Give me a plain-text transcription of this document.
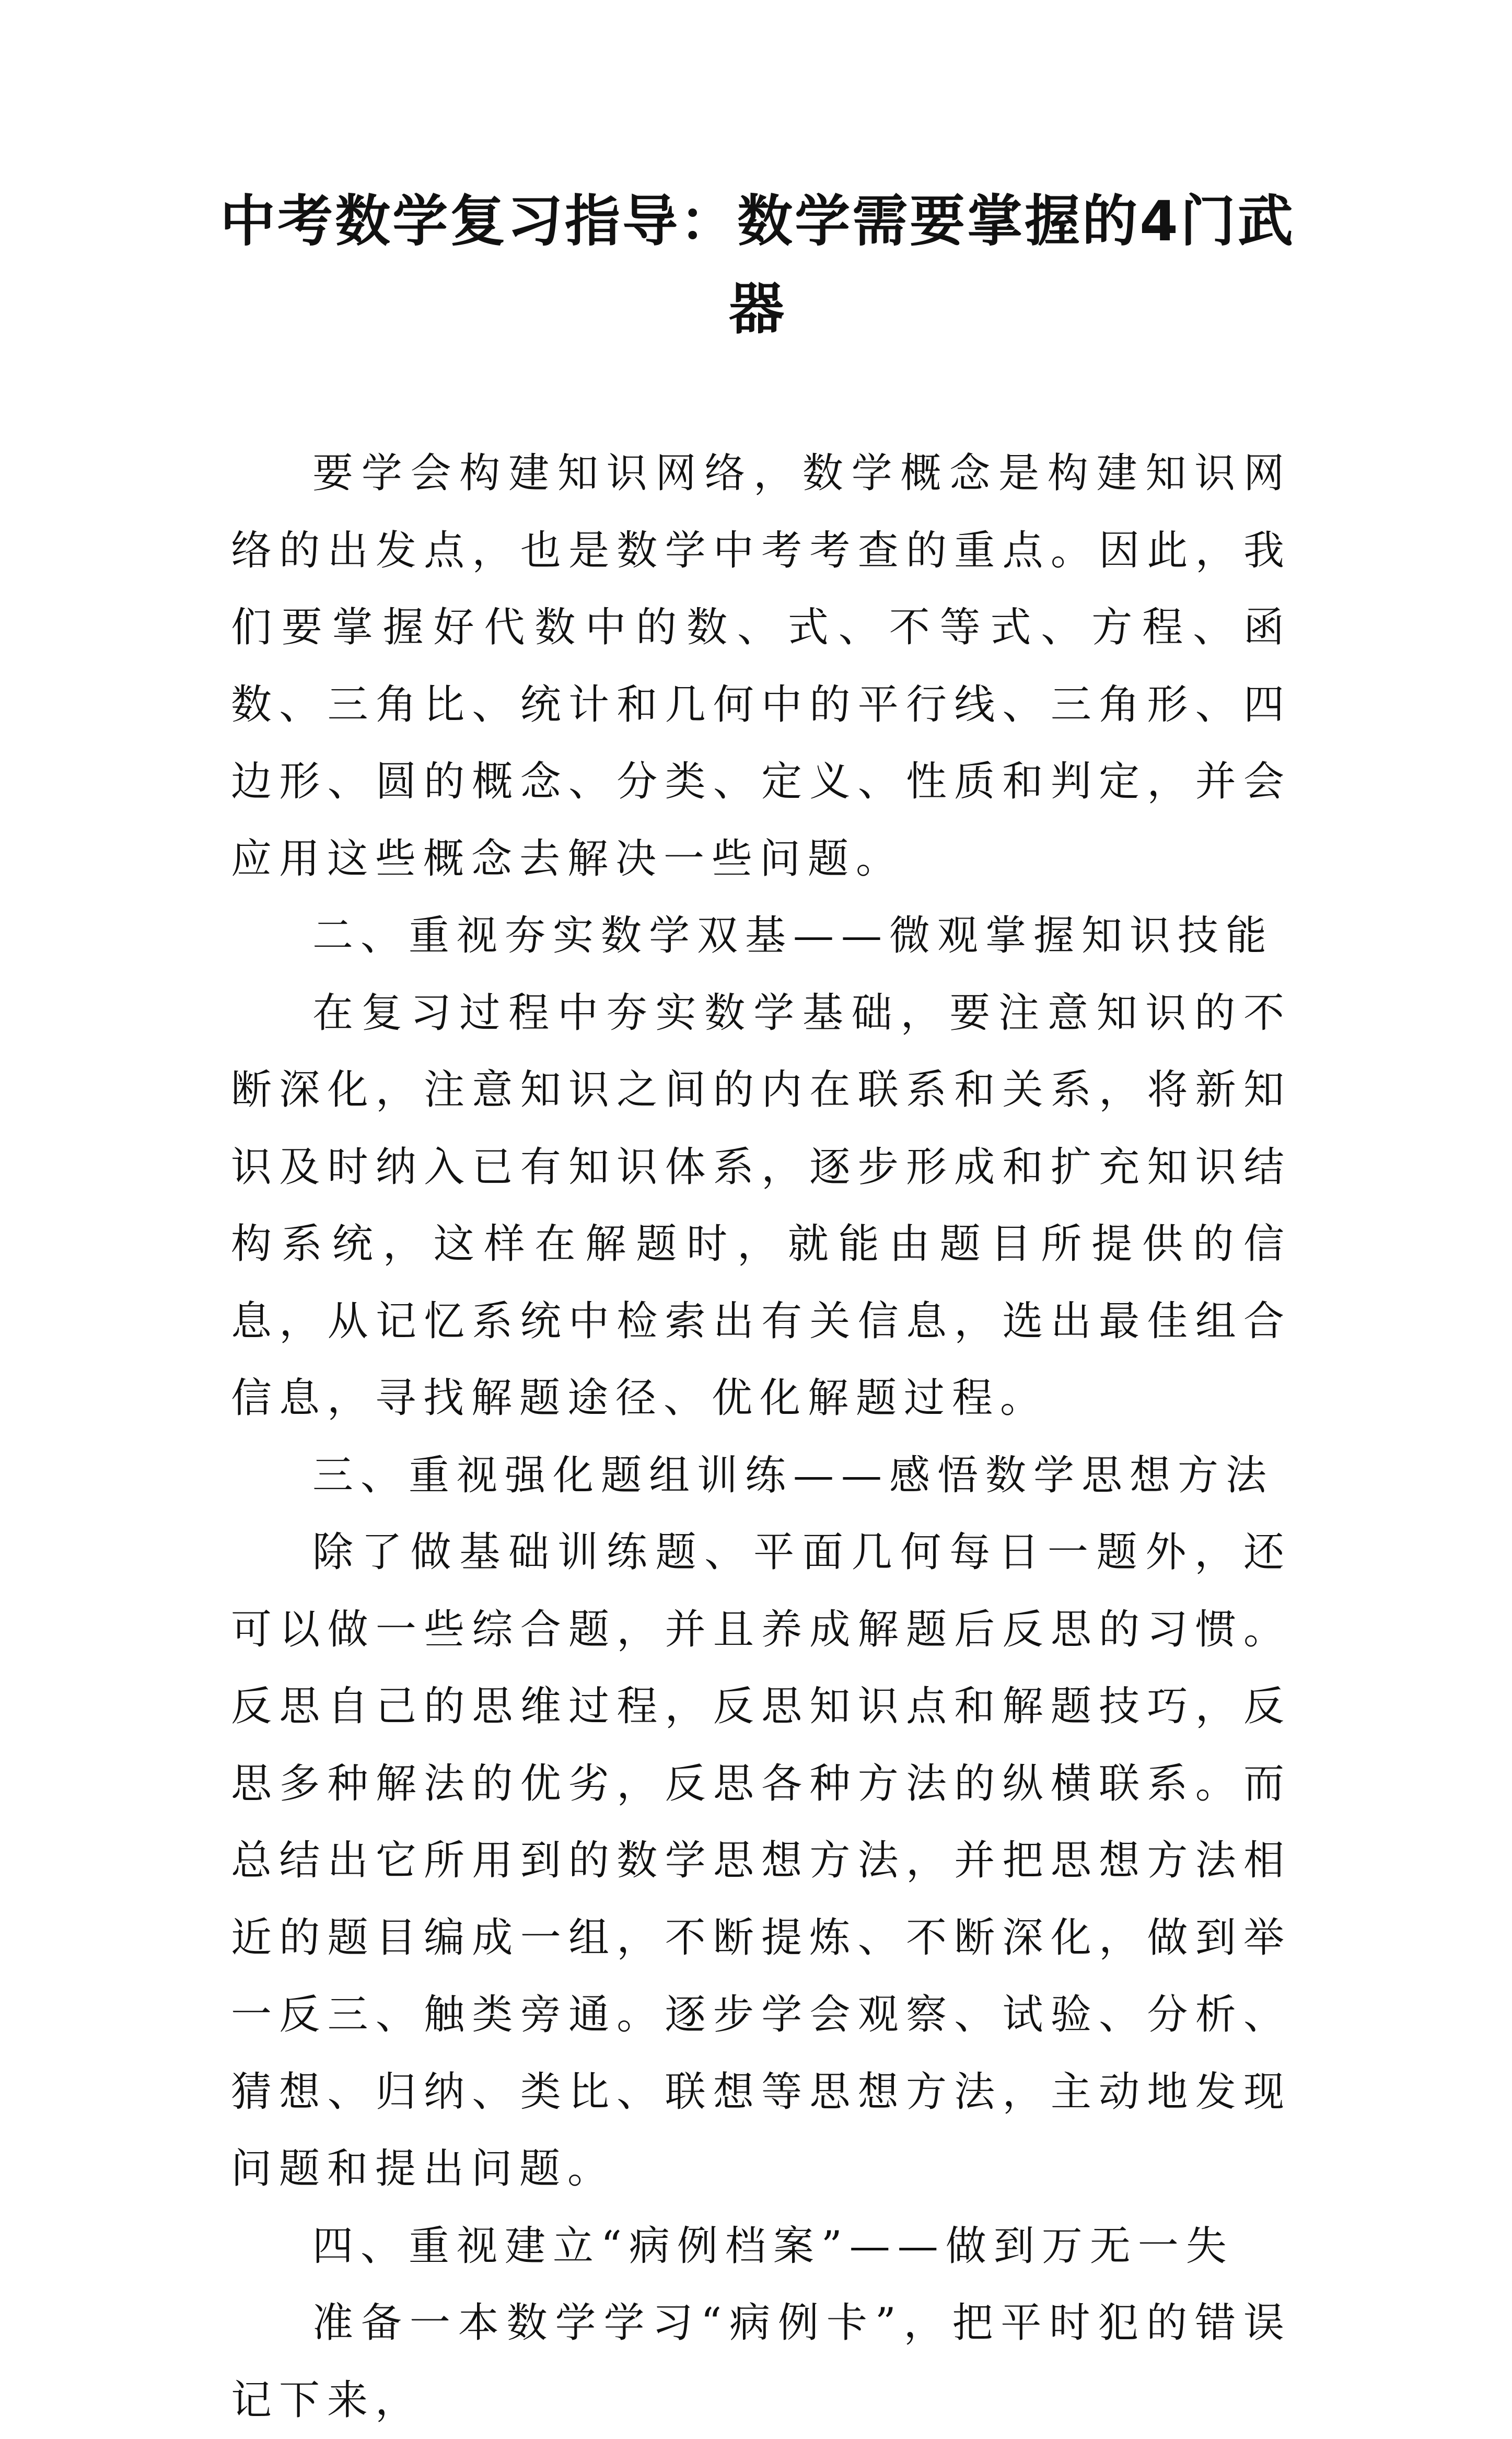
中考数学复习指导：数学需要掌握的4门武器

要学会构建知识网络，数学概念是构建知识网络的出发点，也是数学中考考查的重点。因此，我们要掌握好代数中的数、式、不等式、方程、函数、三角比、统计和几何中的平行线、三角形、四边形、圆的概念、分类、定义、性质和判定，并会应用这些概念去解决一些问题。

二、重视夯实数学双基——微观掌握知识技能

在复习过程中夯实数学基础，要注意知识的不断深化，注意知识之间的内在联系和关系，将新知识及时纳入已有知识体系，逐步形成和扩充知识结构系统，这样在解题时，就能由题目所提供的信息，从记忆系统中检索出有关信息，选出最佳组合信息，寻找解题途径、优化解题过程。

三、重视强化题组训练——感悟数学思想方法

除了做基础训练题、平面几何每日一题外，还可以做一些综合题，并且养成解题后反思的习惯。反思自己的思维过程，反思知识点和解题技巧，反思多种解法的优劣，反思各种方法的纵横联系。而总结出它所用到的数学思想方法，并把思想方法相近的题目编成一组，不断提炼、不断深化，做到举一反三、触类旁通。逐步学会观察、试验、分析、猜想、归纳、类比、联想等思想方法，主动地发现问题和提出问题。

四、重视建立“病例档案”——做到万无一失

准备一本数学学习“病例卡”，把平时犯的错误记下来，
